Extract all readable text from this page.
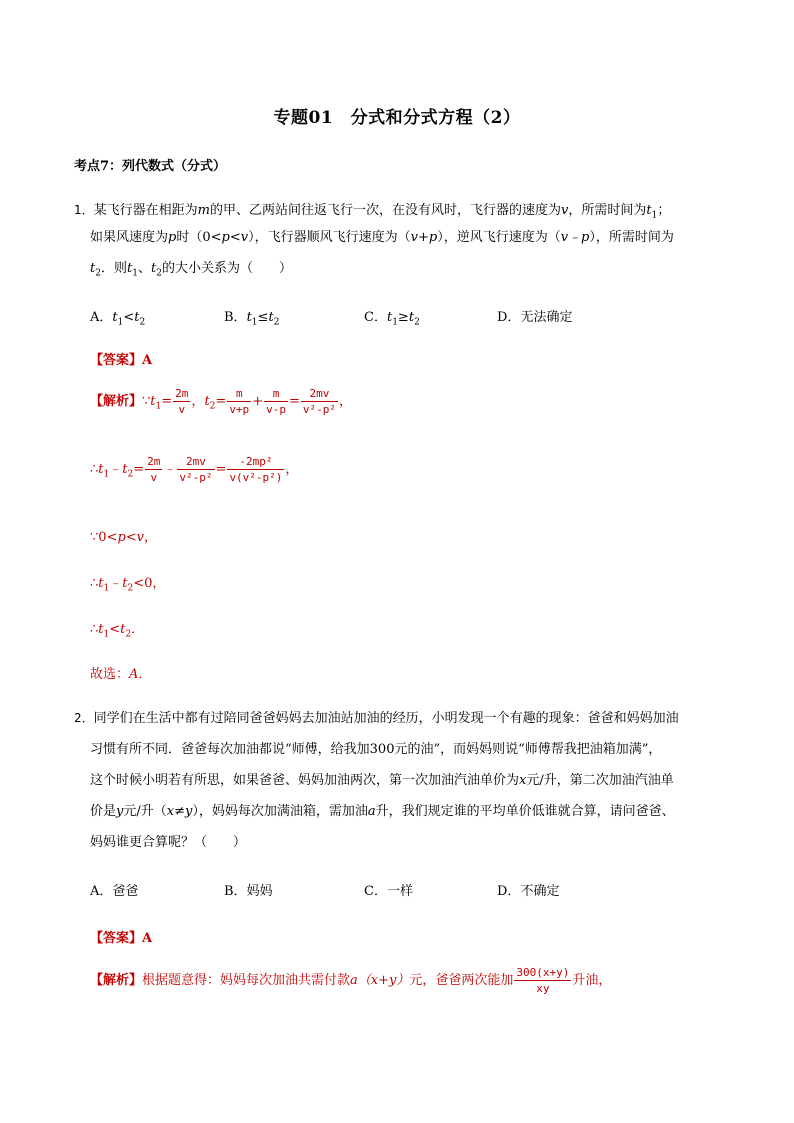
专题01　分式和分式方程（2）
考点7：列代数式（分式）
1．某飞行器在相距为m的甲、乙两站间往返飞行一次，在没有风时，飞行器的速度为v，所需时间为$t_1$；
如果风速度为p时（0<p<v），飞行器顺风飞行速度为（v+p），逆风飞行速度为（v﹣p），所需时间为
$t_2$．则$t_1$、$t_2$的大小关系为（　　）
A．$t_1<t_2$	B．$t_1\le t_2$	C．$t_1\ge t_2$	D．无法确定
【答案】A
【解析】$\because t_1= \frac{2m}{v}$ ，$t_2= \frac{m}{v+p} + \frac{m}{v-p} = \frac{2mv}{\text{v²-p²}}$ ，
$\therefore t_1﹣t_2= \frac{2m}{v}$ ﹣ $\frac{2mv}{\text{v²-p²}} = \frac{\text{-2mp²}}{\text{v(v²-p²)}}$ ，
∵0<p<v，
$\therefore t_1﹣t_2<0$，
$\therefore t_1<t_2$．
故选：A．
2．同学们在生活中都有过陪同爸爸妈妈去加油站加油的经历，小明发现一个有趣的现象：爸爸和妈妈加油
习惯有所不同．爸爸每次加油都说“师傅，给我加300元的油”，而妈妈则说“师傅帮我把油箱加满”，
这个时候小明若有所思，如果爸爸、妈妈加油两次，第一次加油汽油单价为x元/升，第二次加油汽油单
价是y元/升（x≠y），妈妈每次加满油箱，需加油a升，我们规定谁的平均单价低谁就合算，请问爸爸、
妈妈谁更合算呢？（　　）
A．爸爸	B．妈妈	C．一样	D．不确定
【答案】A
【解析】根据题意得：妈妈每次加油共需付款a（x+y）元，爸爸两次能加 $\frac{300(x+y)}{xy}$ 升油，
